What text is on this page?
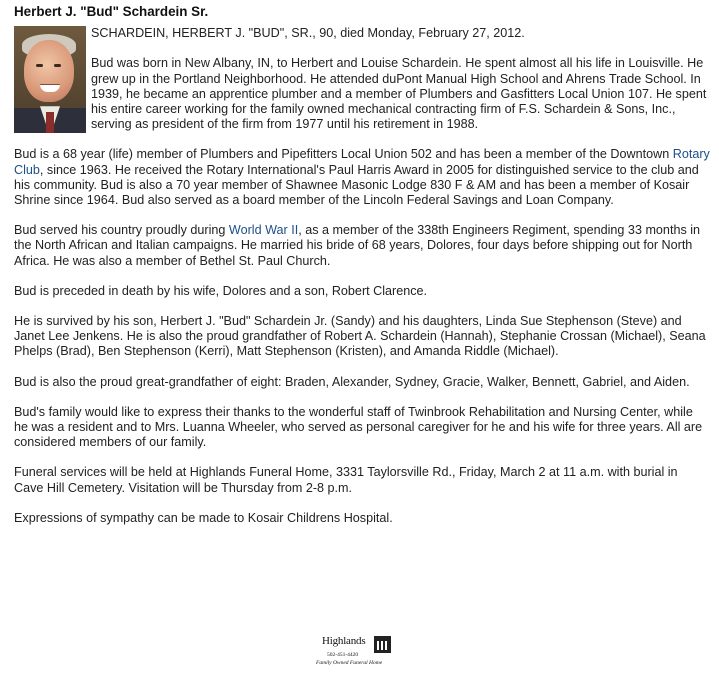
Herbert J. "Bud" Schardein Sr.

SCHARDEIN, HERBERT J. "BUD", SR., 90, died Monday, February 27, 2012.

Bud was born in New Albany, IN, to Herbert and Louise Schardein. He spent almost all his life in Louisville. He grew up in the Portland Neighborhood. He attended duPont Manual High School and Ahrens Trade School. In 1939, he became an apprentice plumber and a member of Plumbers and Gasfitters Local Union 107. He spent his entire career working for the family owned mechanical contracting firm of F.S. Schardein & Sons, Inc., serving as president of the firm from 1977 until his retirement in 1988.

Bud is a 68 year (life) member of Plumbers and Pipefitters Local Union 502 and has been a member of the Downtown Rotary Club, since 1963. He received the Rotary International's Paul Harris Award in 2005 for distinguished service to the club and his community. Bud is also a 70 year member of Shawnee Masonic Lodge 830 F & AM and has been a member of Kosair Shrine since 1964. Bud also served as a board member of the Lincoln Federal Savings and Loan Company.

Bud served his country proudly during World War II, as a member of the 338th Engineers Regiment, spending 33 months in the North African and Italian campaigns. He married his bride of 68 years, Dolores, four days before shipping out for North Africa. He was also a member of Bethel St. Paul Church.

Bud is preceded in death by his wife, Dolores and a son, Robert Clarence.

He is survived by his son, Herbert J. "Bud" Schardein Jr. (Sandy) and his daughters, Linda Sue Stephenson (Steve) and Janet Lee Jenkens. He is also the proud grandfather of Robert A. Schardein (Hannah), Stephanie Crossan (Michael), Seana Phelps (Brad), Ben Stephenson (Kerri), Matt Stephenson (Kristen), and Amanda Riddle (Michael).

Bud is also the proud great-grandfather of eight: Braden, Alexander, Sydney, Gracie, Walker, Bennett, Gabriel, and Aiden.

Bud's family would like to express their thanks to the wonderful staff of Twinbrook Rehabilitation and Nursing Center, while he was a resident and to Mrs. Luanna Wheeler, who served as personal caregiver for he and his wife for three years. All are considered members of our family.

Funeral services will be held at Highlands Funeral Home, 3331 Taylorsville Rd., Friday, March 2 at 11 a.m. with burial in Cave Hill Cemetery. Visitation will be Thursday from 2-8 p.m.

Expressions of sympathy can be made to Kosair Childrens Hospital.

Highlands
502-451-4420
Family Owned Funeral Home
